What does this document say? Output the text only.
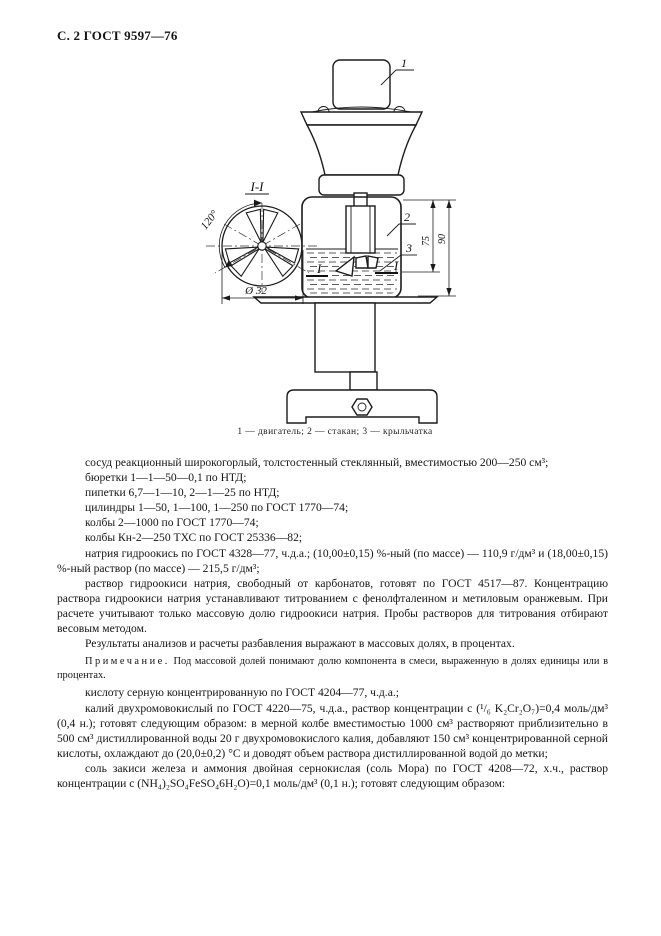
С. 2 ГОСТ 9597—76
I	I
1
2
3 75 90
I-I
120°
Ø 32
1 — двигатель; 2 — стакан; 3 — крыльчатка

сосуд реакционный широкогорлый, толстостенный стеклянный, вместимостью 200—250 см³;

бюретки 1—1—50—0,1 по НТД;

пипетки 6,7—1—10, 2—1—25 по НТД;

цилиндры 1—50, 1—100, 1—250 по ГОСТ 1770—74;

колбы 2—1000 по ГОСТ 1770—74;

колбы Кн-2—250 ТХС по ГОСТ 25336—82;

натрия гидроокись по ГОСТ 4328—77, ч.д.а.; (10,00±0,15) %-ный (по массе) — 110,9 г/дм³ и (18,00±0,15) %-ный раствор (по массе) — 215,5 г/дм³;

раствор гидроокиси натрия, свободный от карбонатов, готовят по ГОСТ 4517—87. Концентрацию раствора гидроокиси натрия устанавливают титрованием с фенолфталеином и метиловым оранжевым. При расчете учитывают только массовую долю гидроокиси натрия. Пробы растворов для титрования отбирают весовым методом.

Результаты анализов и расчеты разбавления выражают в массовых долях, в процентах.

Примечание. Под массовой долей понимают долю компонента в смеси, выраженную в долях единицы или в процентах.

кислоту серную концентрированную по ГОСТ 4204—77, ч.д.а.;

калий двухромовокислый по ГОСТ 4220—75, ч.д.а., раствор концентрации c (¹/₆ K₂Cr₂O₇)=0,4 моль/дм³ (0,4 н.); готовят следующим образом: в мерной колбе вместимостью 1000 см³ растворяют приблизительно в 500 см³ дистиллированной воды 20 г двухромовокислого калия, добавляют 150 см³ концентрированной серной кислоты, охлаждают до (20,0±0,2) °С и доводят объем раствора дистиллированной водой до метки;

соль закиси железа и аммония двойная сернокислая (соль Мора) по ГОСТ 4208—72, х.ч., раствор концентрации c (NH₄)₂SO₄FeSO₄6H₂O)=0,1 моль/дм³ (0,1 н.); готовят следующим образом:
